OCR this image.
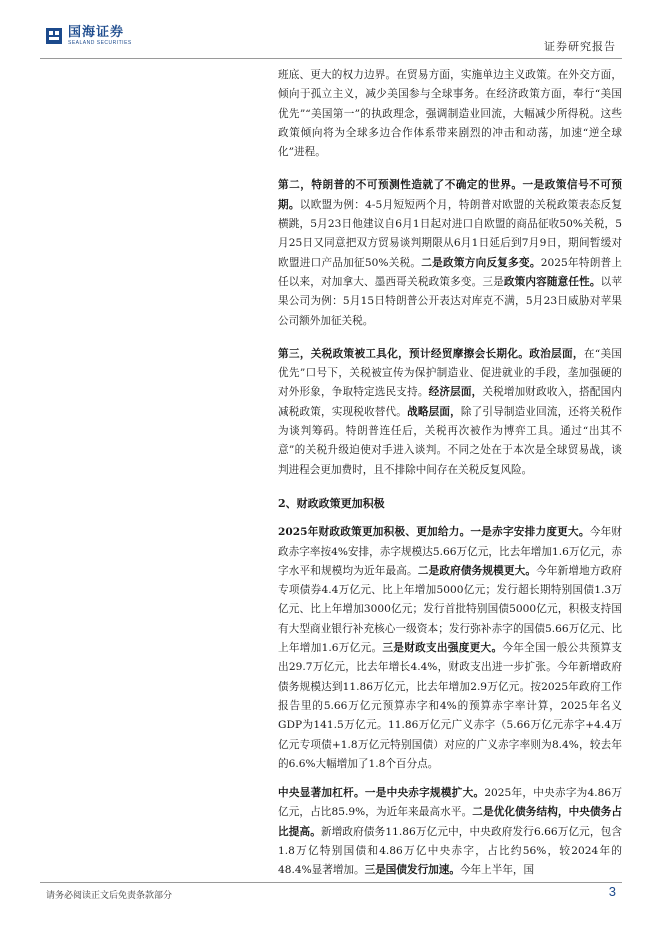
国海证券
SEALAND SECURITIES	证券研究报告

班底、更大的权力边界。在贸易方面，实施单边主义政策。在外交方面，倾向于孤立主义，减少美国参与全球事务。在经济政策方面，奉行“美国优先”“美国第一”的执政理念，强调制造业回流，大幅减少所得税。这些政策倾向将为全球多边合作体系带来剧烈的冲击和动荡，加速“逆全球化”进程。

第二，特朗普的不可预测性造就了不确定的世界。一是政策信号不可预期。以欧盟为例：4-5月短短两个月，特朗普对欧盟的关税政策表态反复横跳，5月23日他建议自6月1日起对进口自欧盟的商品征收50%关税，5月25日又同意把双方贸易谈判期限从6月1日延后到7月9日，期间暂缓对欧盟进口产品加征50%关税。二是政策方向反复多变。2025年特朗普上任以来，对加拿大、墨西哥关税政策多变。三是政策内容随意任性。以苹果公司为例：5月15日特朗普公开表达对库克不满，5月23日威胁对苹果公司额外加征关税。

第三，关税政策被工具化，预计经贸摩擦会长期化。政治层面，在“美国优先”口号下，关税被宣传为保护制造业、促进就业的手段，垄加强硬的对外形象，争取特定选民支持。经济层面，关税增加财政收入，搭配国内减税政策，实现税收替代。战略层面，除了引导制造业回流，还将关税作为谈判筹码。特朗普连任后，关税再次被作为博弈工具。通过“出其不意”的关税升级迫使对手进入谈判。不同之处在于本次是全球贸易战，谈判进程会更加费时，且不排除中间存在关税反复风险。

2、财政政策更加积极

2025年财政政策更加积极、更加给力。一是赤字安排力度更大。今年财政赤字率按4%安排，赤字规模达5.66万亿元，比去年增加1.6万亿元，赤字水平和规模均为近年最高。二是政府债务规模更大。今年新增地方政府专项债券4.4万亿元、比上年增加5000亿元；发行超长期特别国债1.3万亿元、比上年增加3000亿元；发行首批特别国债5000亿元，积极支持国有大型商业银行补充核心一级资本；发行弥补赤字的国债5.66万亿元、比上年增加1.6万亿元。三是财政支出强度更大。今年全国一般公共预算支出29.7万亿元，比去年增长4.4%，财政支出进一步扩张。今年新增政府债务规模达到11.86万亿元，比去年增加2.9万亿元。按2025年政府工作报告里的5.66万亿元预算赤字和4%的预算赤字率计算，2025年名义GDP为141.5万亿元。11.86万亿元广义赤字（5.66万亿元赤字+4.4万亿元专项债+1.8万亿元特别国债）对应的广义赤字率则为8.4%，较去年的6.6%大幅增加了1.8个百分点。

中央显著加杠杆。一是中央赤字规模扩大。2025年，中央赤字为4.86万亿元，占比85.9%，为近年来最高水平。二是优化债务结构，中央债务占比提高。新增政府债务11.86万亿元中，中央政府发行6.66万亿元，包含1.8万亿特别国债和4.86万亿中央赤字，占比约56%，较2024年的48.4%显著增加。三是国债发行加速。今年上半年，国

请务必阅读正文后免责条款部分	3
